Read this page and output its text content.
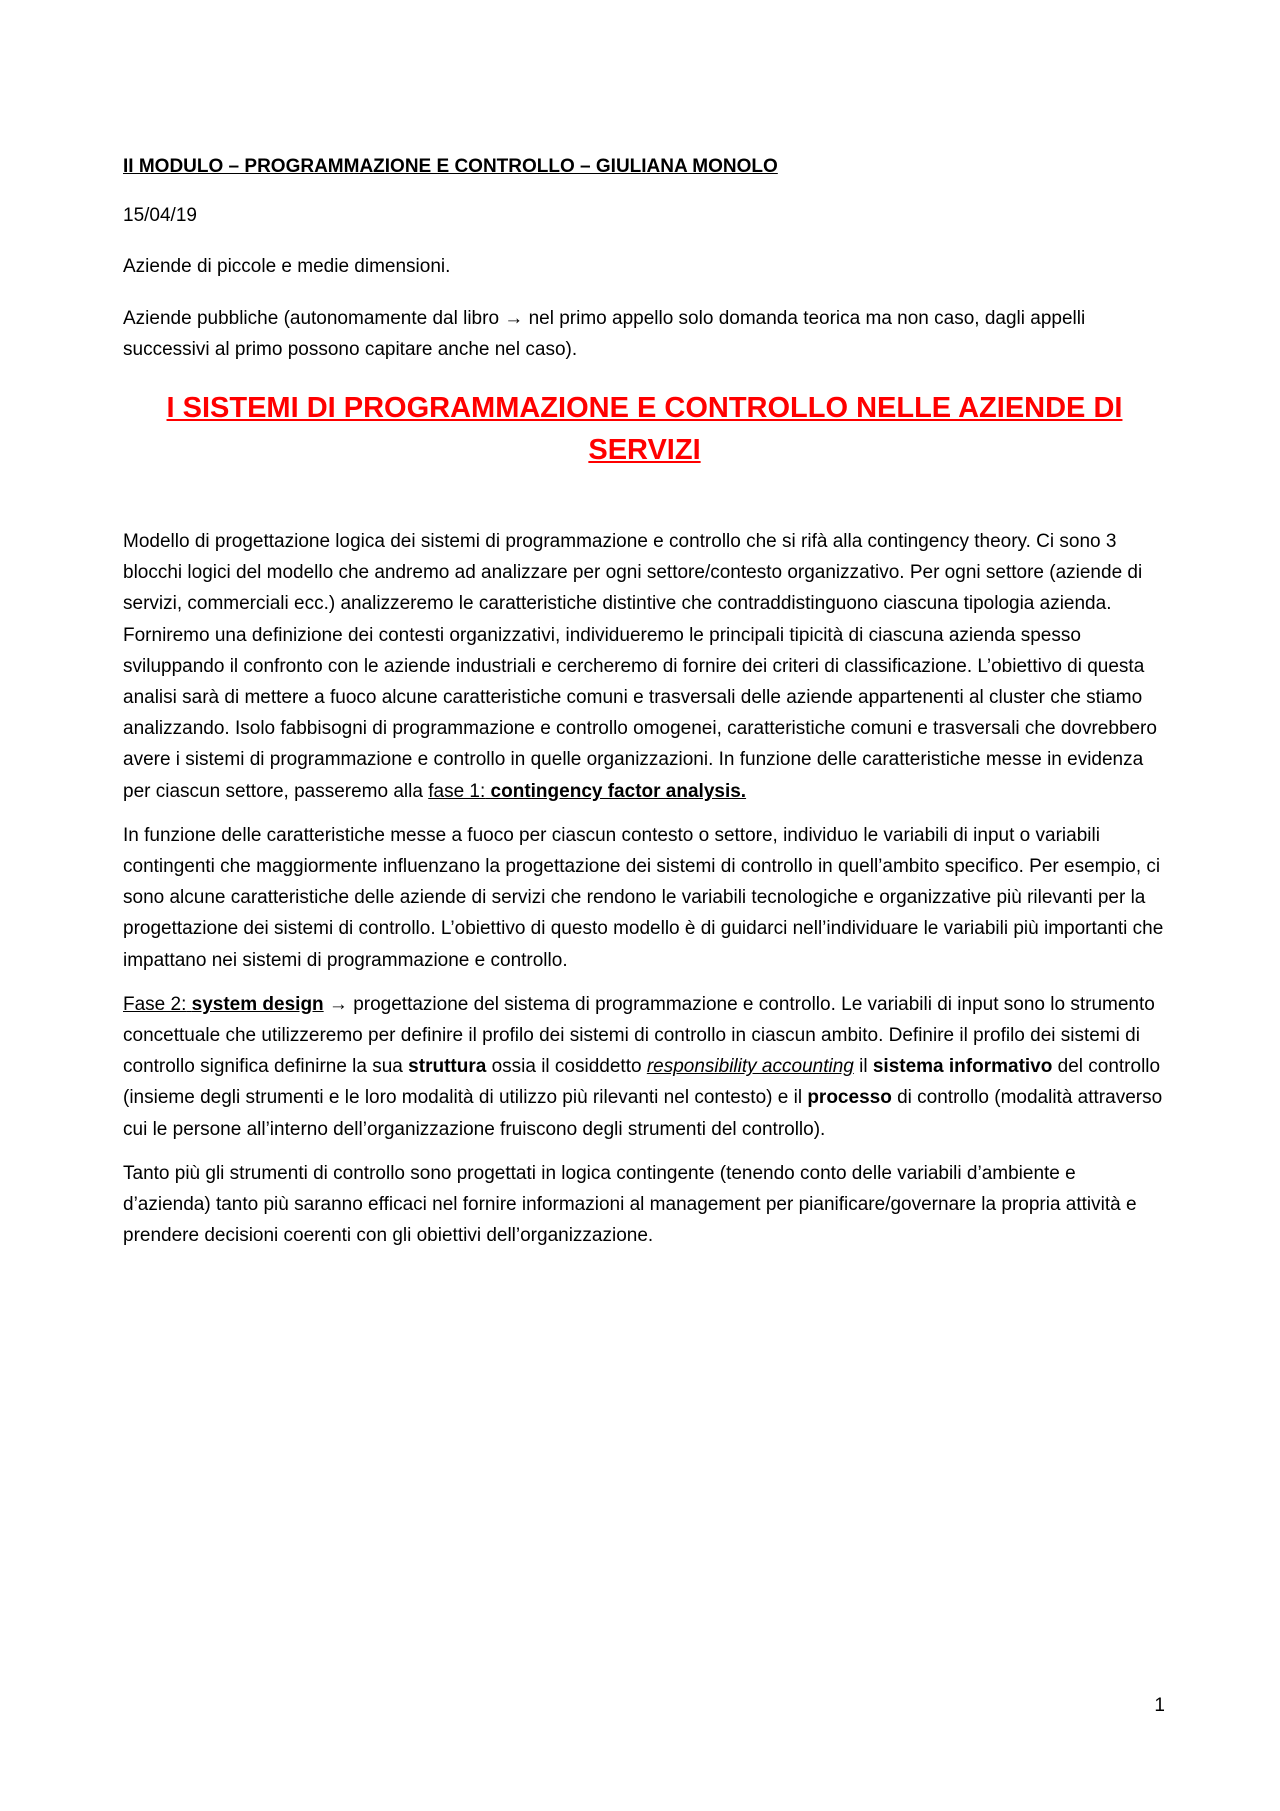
II MODULO – PROGRAMMAZIONE E CONTROLLO – GIULIANA MONOLO

15/04/19

Aziende di piccole e medie dimensioni.

Aziende pubbliche (autonomamente dal libro → nel primo appello solo domanda teorica ma non caso, dagli appelli successivi al primo possono capitare anche nel caso).

I SISTEMI DI PROGRAMMAZIONE E CONTROLLO NELLE AZIENDE DI SERVIZI

Modello di progettazione logica dei sistemi di programmazione e controllo che si rifà alla contingency theory. Ci sono 3 blocchi logici del modello che andremo ad analizzare per ogni settore/contesto organizzativo. Per ogni settore (aziende di servizi, commerciali ecc.) analizzeremo le caratteristiche distintive che contraddistinguono ciascuna tipologia azienda. Forniremo una definizione dei contesti organizzativi, individueremo le principali tipicità di ciascuna azienda spesso sviluppando il confronto con le aziende industriali e cercheremo di fornire dei criteri di classificazione. L’obiettivo di questa analisi sarà di mettere a fuoco alcune caratteristiche comuni e trasversali delle aziende appartenenti al cluster che stiamo analizzando. Isolo fabbisogni di programmazione e controllo omogenei, caratteristiche comuni e trasversali che dovrebbero avere i sistemi di programmazione e controllo in quelle organizzazioni. In funzione delle caratteristiche messe in evidenza per ciascun settore, passeremo alla fase 1: contingency factor analysis.

In funzione delle caratteristiche messe a fuoco per ciascun contesto o settore, individuo le variabili di input o variabili contingenti che maggiormente influenzano la progettazione dei sistemi di controllo in quell’ambito specifico. Per esempio, ci sono alcune caratteristiche delle aziende di servizi che rendono le variabili tecnologiche e organizzative più rilevanti per la progettazione dei sistemi di controllo. L’obiettivo di questo modello è di guidarci nell’individuare le variabili più importanti che impattano nei sistemi di programmazione e controllo.

Fase 2: system design → progettazione del sistema di programmazione e controllo. Le variabili di input sono lo strumento concettuale che utilizzeremo per definire il profilo dei sistemi di controllo in ciascun ambito. Definire il profilo dei sistemi di controllo significa definirne la sua struttura ossia il cosiddetto responsibility accounting il sistema informativo del controllo (insieme degli strumenti e le loro modalità di utilizzo più rilevanti nel contesto) e il processo di controllo (modalità attraverso cui le persone all’interno dell’organizzazione fruiscono degli strumenti del controllo).

Tanto più gli strumenti di controllo sono progettati in logica contingente (tenendo conto delle variabili d’ambiente e d’azienda) tanto più saranno efficaci nel fornire informazioni al management per pianificare/governare la propria attività e prendere decisioni coerenti con gli obiettivi dell’organizzazione.

1
